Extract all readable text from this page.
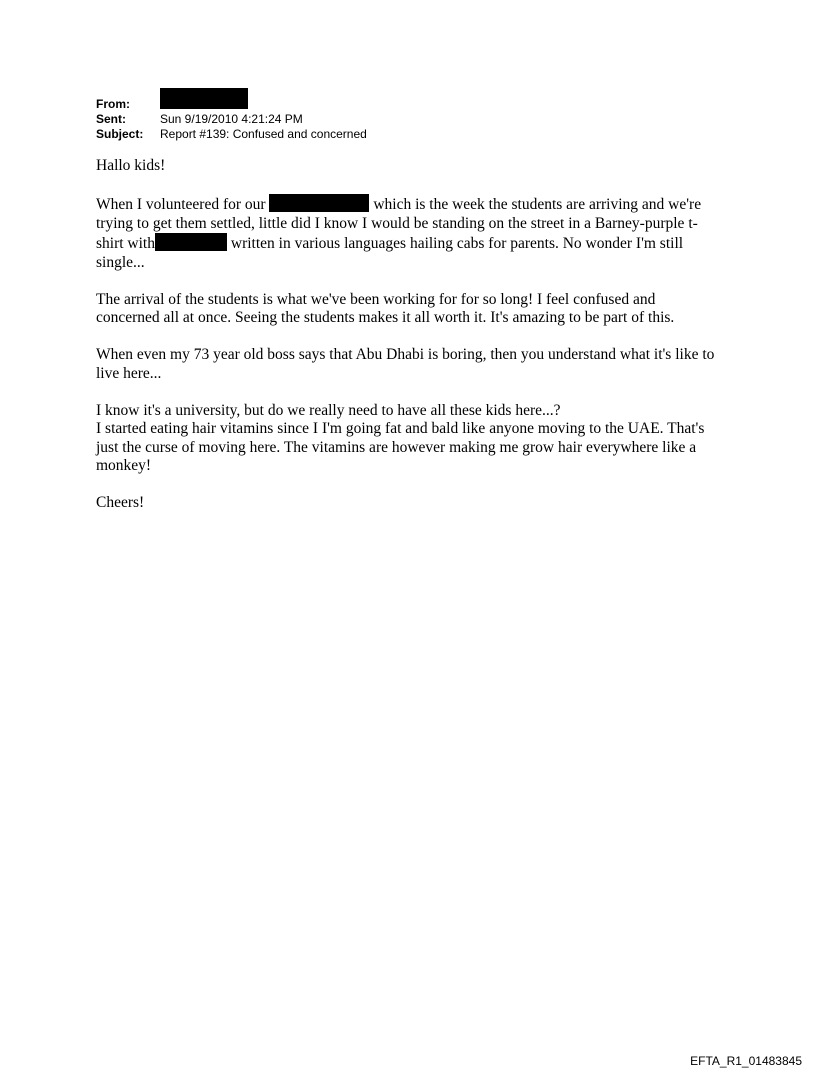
From:
Sent:	Sun 9/19/2010 4:21:24 PM
Subject:	Report #139: Confused and concerned

Hallo kids!

When I volunteered for our	which is the week the students are arriving and we're trying to get them settled, little did I know I would be standing on the street in a Barney-purple t-shirt with	written in various languages hailing cabs for parents. No wonder I'm still single...

The arrival of the students is what we've been working for for so long! I feel confused and concerned all at once. Seeing the students makes it all worth it. It's amazing to be part of this.

When even my 73 year old boss says that Abu Dhabi is boring, then you understand what it's like to live here...

I know it's a university, but do we really need to have all these kids here...?
I started eating hair vitamins since I I'm going fat and bald like anyone moving to the UAE. That's just the curse of moving here. The vitamins are however making me grow hair everywhere like a monkey!

Cheers!

EFTA_R1_01483845
